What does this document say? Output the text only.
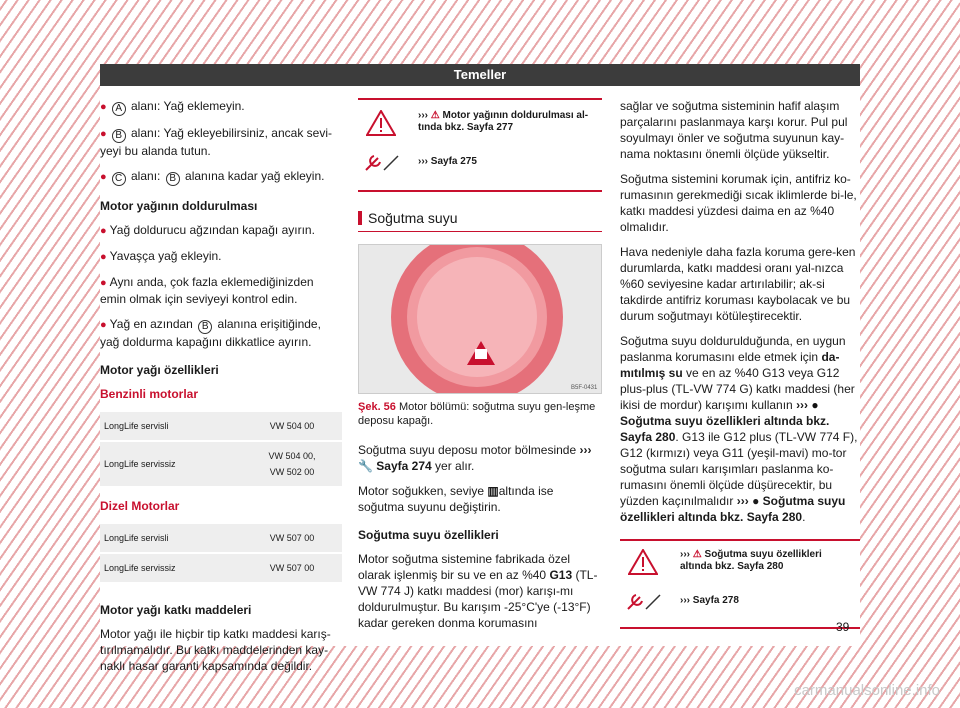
Temeller

● A alanı: Yağ eklemeyin.

● B alanı: Yağ ekleyebilirsiniz, ancak sevi-yeyi bu alanda tutun.

● C alanı: B alanına kadar yağ ekleyin.

Motor yağının doldurulması

● Yağ doldurucu ağzından kapağı ayırın.

● Yavaşça yağ ekleyin.

● Aynı anda, çok fazla eklemediğinizden emin olmak için seviyeyi kontrol edin.

● Yağ en azından B alanına erişitiğinde, yağ doldurma kapağını dikkatlice ayırın.

Motor yağı özellikleri
Benzinli motorlar
LongLife servisli	VW 504 00
LongLife servissiz	VW 504 00,
VW 502 00
Dizel Motorlar
LongLife servisli	VW 507 00
LongLife servissiz	VW 507 00
Motor yağı katkı maddeleri

Motor yağı ile hiçbir tip katkı maddesi karış-tırılmamalıdır. Bu katkı maddelerinden kay-naklı hasar garanti kapsamında değildir.

››› ⚠ Motor yağının doldurulması al-tında bkz. Sayfa 277
››› Sayfa 275
Soğutma suyu
B5F-0431

Şek. 56 Motor bölümü: soğutma suyu gen-leşme deposu kapağı.

Soğutma suyu deposu motor bölmesinde ››› 🔧 Sayfa 274 yer alır.

Motor soğukken, seviye ▥altında ise soğutma suyunu değiştirin.

Soğutma suyu özellikleri

Motor soğutma sistemine fabrikada özel olarak işlenmiş bir su ve en az %40 G13 (TL-VW 774 J) katkı maddesi (mor) karışı-mı doldurulmuştur. Bu karışım -25°C'ye (-13°F) kadar gereken donma korumasını

sağlar ve soğutma sisteminin hafif alaşım parçalarını paslanmaya karşı korur. Pul pul soyulmayı önler ve soğutma suyunun kay-nama noktasını önemli ölçüde yükseltir.

Soğutma sistemini korumak için, antifriz ko-rumasının gerekmediği sıcak iklimlerde bi-le, katkı maddesi yüzdesi daima en az %40 olmalıdır.

Hava nedeniyle daha fazla koruma gere-ken durumlarda, katkı maddesi oranı yal-nızca %60 seviyesine kadar artırılabilir; ak-si takdirde antifriz koruması kaybolacak ve bu durum soğutmayı kötüleştirecektir.

Soğutma suyu doldurulduğunda, en uygun paslanma korumasını elde etmek için da-mıtılmış su ve en az %40 G13 veya G12 plus-plus (TL-VW 774 G) katkı maddesi (her ikisi de mordur) karışımı kullanın ››› ● Soğutma suyu özellikleri altında bkz. Sayfa 280. G13 ile G12 plus (TL-VW 774 F), G12 (kırmızı) veya G11 (yeşil-mavi) mo-tor soğutma suları karışımları paslanma ko-rumasını önemli ölçüde düşürecektir, bu yüzden kaçınılmalıdır ››› ● Soğutma suyu özellikleri altında bkz. Sayfa 280.

››› ⚠ Soğutma suyu özellikleri altında bkz. Sayfa 280
››› Sayfa 278
39
carmanualsonline.info
